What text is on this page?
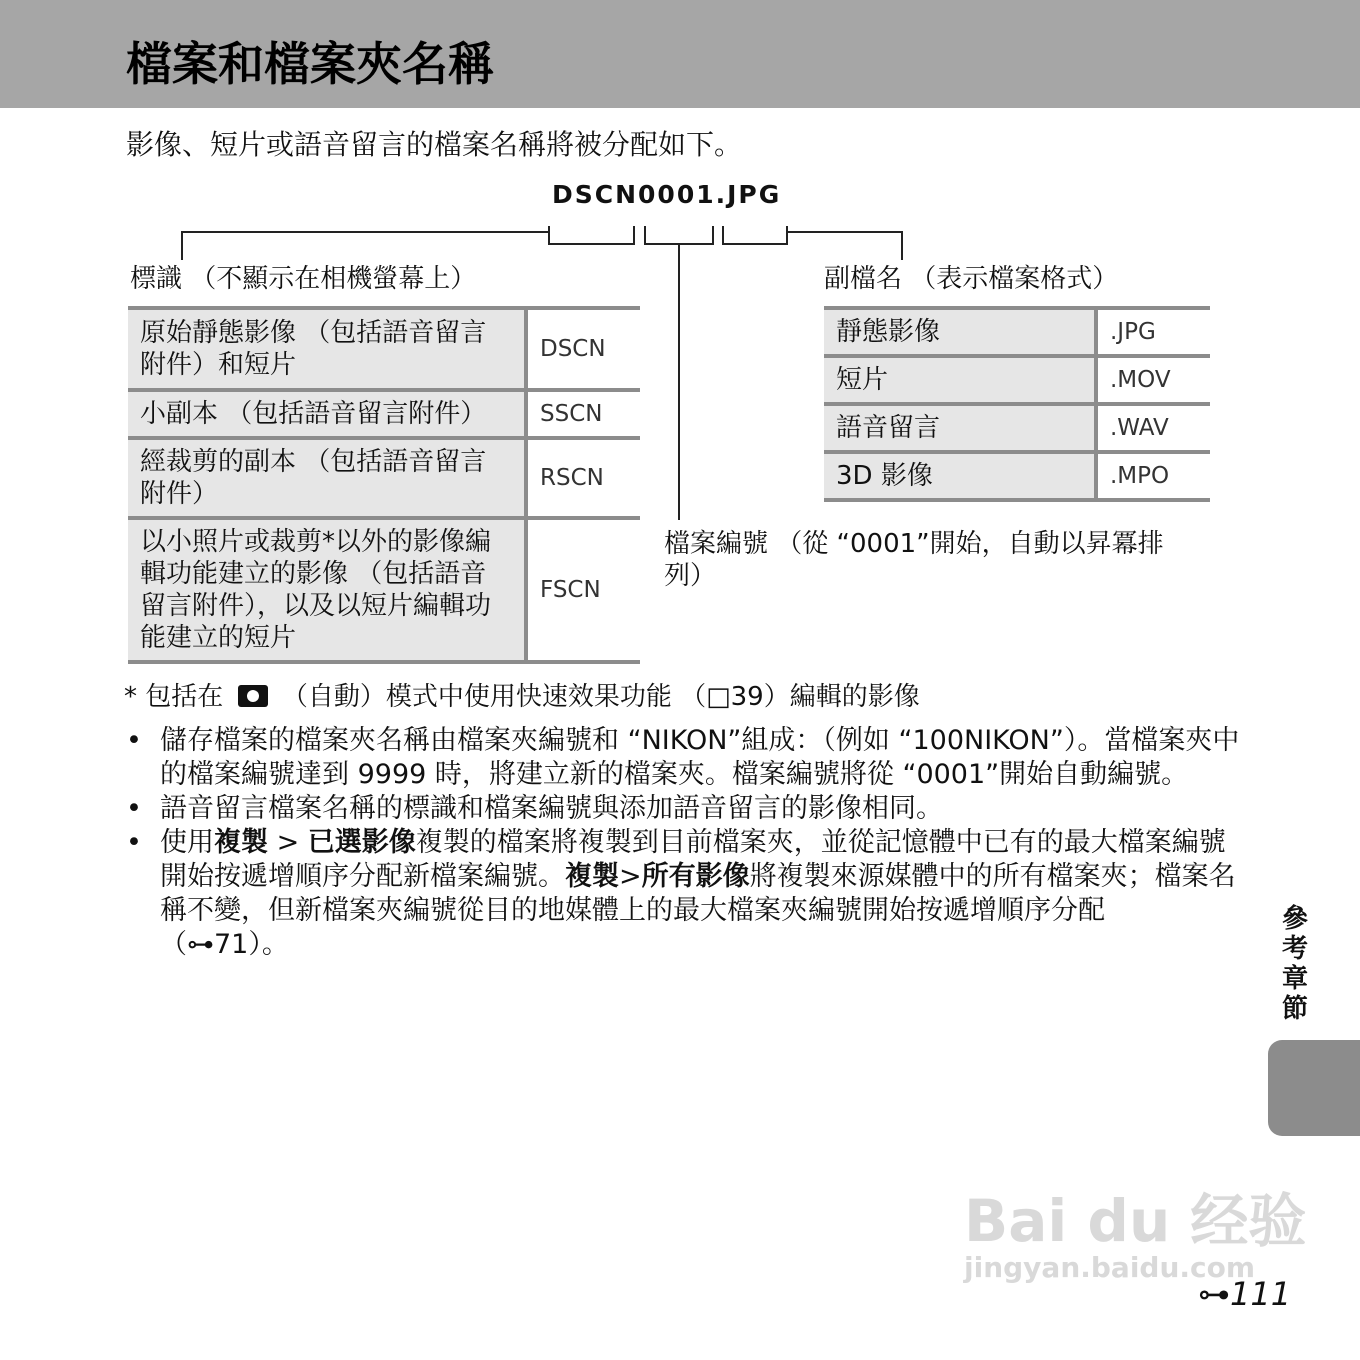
檔案和檔案夾名稱
影像、短片或語音留言的檔案名稱將被分配如下。
DSCN0001.JPG
標識 （不顯示在相機螢幕上）	副檔名 （表示檔案格式）
原始靜態影像 （包括語音留言附件）和短片	DSCN
小副本 （包括語音留言附件）	SSCN
經裁剪的副本 （包括語音留言附件）	RSCN
以小照片或裁剪*以外的影像編輯功能建立的影像 （包括語音留言附件），以及以短片編輯功能建立的短片	FSCN
靜態影像	.JPG
短片	.MOV
語音留言	.WAV
3D 影像	.MPO
檔案編號 （從 “0001”開始，自動以昇冪排列）
* 包括在 （自動）模式中使用快速效果功能 （□39）編輯的影像
• 儲存檔案的檔案夾名稱由檔案夾編號和 “NIKON”組成：（例如 “100NIKON”）。當檔案夾中的檔案編號達到 9999 時，將建立新的檔案夾。檔案編號將從 “0001”開始自動編號。
• 語音留言檔案名稱的標識和檔案編號與添加語音留言的影像相同。
• 使用複製 > 已選影像複製的檔案將複製到目前檔案夾，並從記憶體中已有的最大檔案編號開始按遞增順序分配新檔案編號。複製>所有影像將複製來源媒體中的所有檔案夾；檔案名稱不變，但新檔案夾編號從目的地媒體上的最大檔案夾編號開始按遞增順序分配 （⊶71）。
參考章節
Bai du 经验
jingyan.baidu.com
⊶111
